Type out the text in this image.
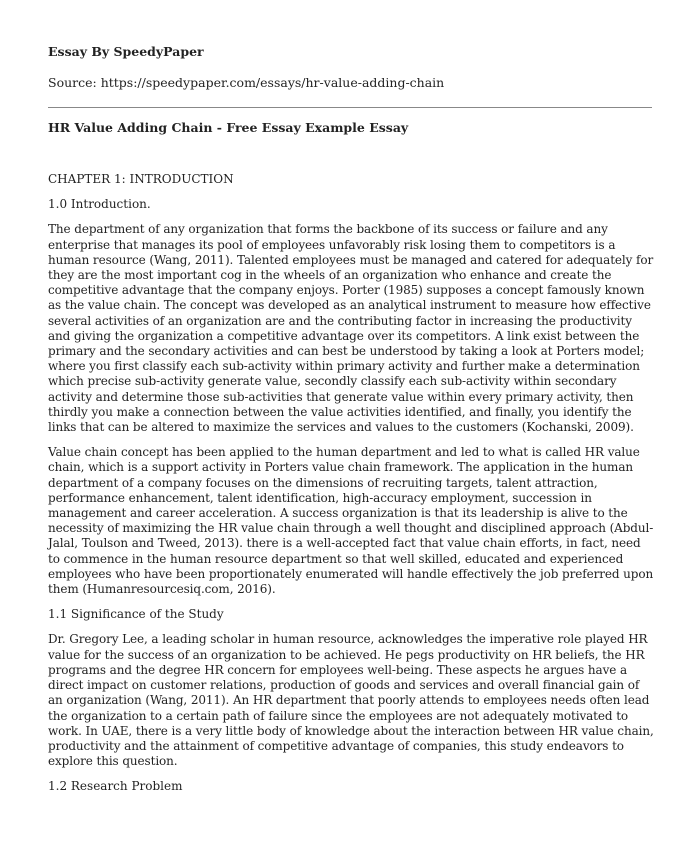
Essay By SpeedyPaper

Source: https://speedypaper.com/essays/hr-value-adding-chain

HR Value Adding Chain - Free Essay Example Essay

CHAPTER 1: INTRODUCTION

1.0 Introduction.

The department of any organization that forms the backbone of its success or failure and any enterprise that manages its pool of employees unfavorably risk losing them to competitors is a human resource (Wang, 2011). Talented employees must be managed and catered for adequately for they are the most important cog in the wheels of an organization who enhance and create the competitive advantage that the company enjoys. Porter (1985) supposes a concept famously known as the value chain. The concept was developed as an analytical instrument to measure how effective several activities of an organization are and the contributing factor in increasing the productivity and giving the organization a competitive advantage over its competitors. A link exist between the primary and the secondary activities and can best be understood by taking a look at Porters model; where you first classify each sub-activity within primary activity and further make a determination which precise sub-activity generate value, secondly classify each sub-activity within secondary activity and determine those sub-activities that generate value within every primary activity, then thirdly you make a connection between the value activities identified, and finally, you identify the links that can be altered to maximize the services and values to the customers (Kochanski, 2009).

Value chain concept has been applied to the human department and led to what is called HR value chain, which is a support activity in Porters value chain framework. The application in the human department of a company focuses on the dimensions of recruiting targets, talent attraction, performance enhancement, talent identification, high-accuracy employment, succession in management and career acceleration. A success organization is that its leadership is alive to the necessity of maximizing the HR value chain through a well thought and disciplined approach (Abdul-Jalal, Toulson and Tweed, 2013). there is a well-accepted fact that value chain efforts, in fact, need to commence in the human resource department so that well skilled, educated and experienced employees who have been proportionately enumerated will handle effectively the job preferred upon them (Humanresourcesiq.com, 2016).

1.1 Significance of the Study

Dr. Gregory Lee, a leading scholar in human resource, acknowledges the imperative role played HR value for the success of an organization to be achieved. He pegs productivity on HR beliefs, the HR programs and the degree HR concern for employees well-being. These aspects he argues have a direct impact on customer relations, production of goods and services and overall financial gain of an organization (Wang, 2011). An HR department that poorly attends to employees needs often lead the organization to a certain path of failure since the employees are not adequately motivated to work. In UAE, there is a very little body of knowledge about the interaction between HR value chain, productivity and the attainment of competitive advantage of companies, this study endeavors to explore this question.

1.2 Research Problem
